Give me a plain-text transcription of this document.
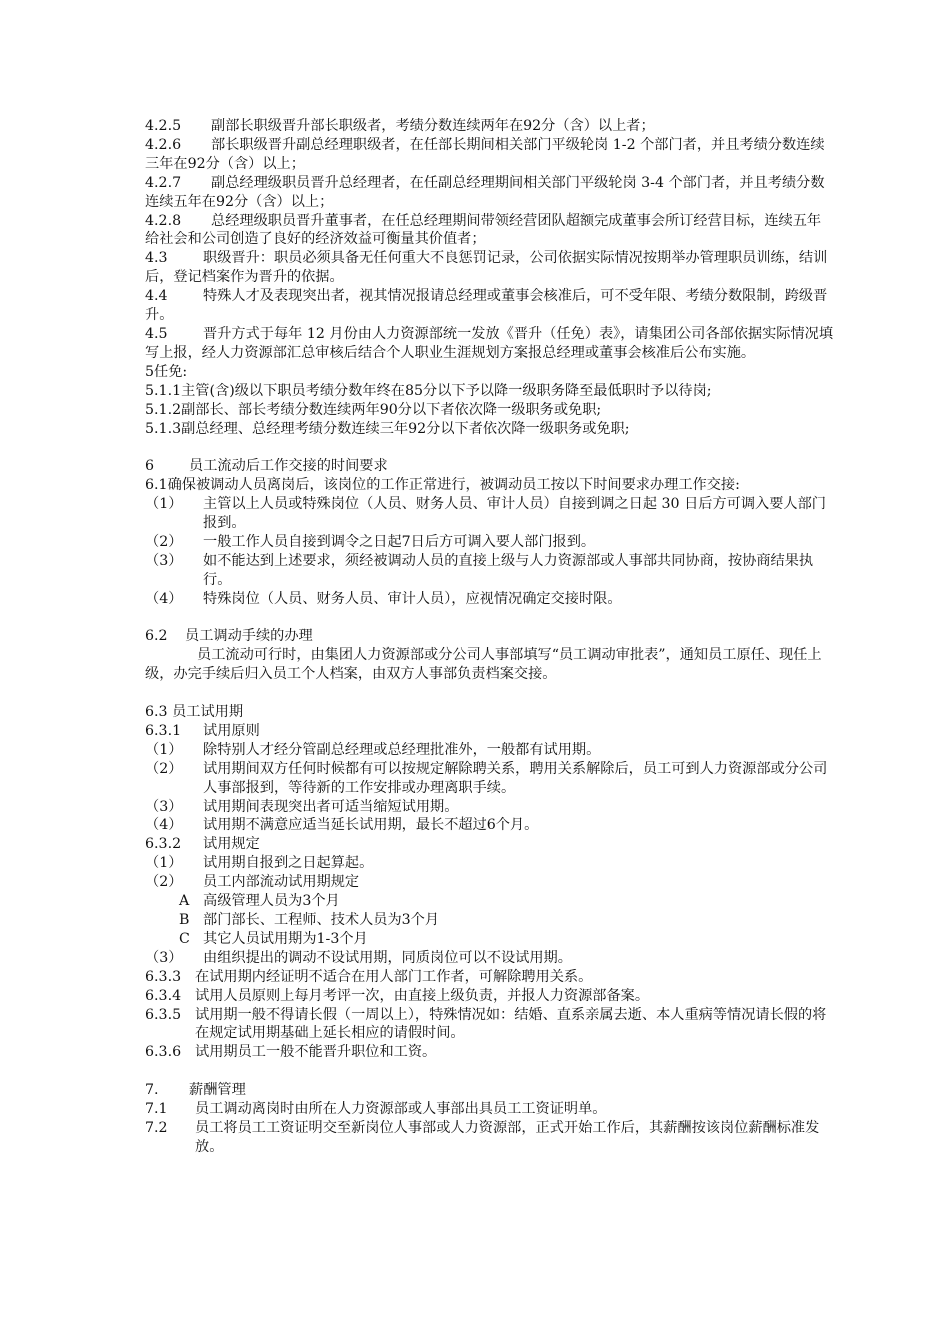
4.2.5 副部长职级晋升部长职级者，考绩分数连续两年在92分（含）以上者；

4.2.6 部长职级晋升副总经理职级者，在任部长期间相关部门平级轮岗 1-2 个部门者，并且考绩分数连续三年在92分（含）以上；

4.2.7 副总经理级职员晋升总经理者，在任副总经理期间相关部门平级轮岗 3-4 个部门者，并且考绩分数连续五年在92分（含）以上；

4.2.8 总经理级职员晋升董事者，在任总经理期间带领经营团队超额完成董事会所订经营目标，连续五年给社会和公司创造了良好的经济效益可衡量其价值者；

4.3 职级晋升：职员必须具备无任何重大不良惩罚记录，公司依据实际情况按期举办管理职员训练，结训后，登记档案作为晋升的依据。

4.4 特殊人才及表现突出者，视其情况报请总经理或董事会核准后，可不受年限、考绩分数限制，跨级晋升。

4.5 晋升方式于每年 12 月份由人力资源部统一发放《晋升（任免）表》，请集团公司各部依据实际情况填写上报，经人力资源部汇总审核后结合个人职业生涯规划方案报总经理或董事会核准后公布实施。

5任免:

5.1.1主管(含)级以下职员考绩分数年终在85分以下予以降一级职务降至最低职时予以待岗;

5.1.2副部长、部长考绩分数连续两年90分以下者依次降一级职务或免职;

5.1.3副总经理、总经理考绩分数连续三年92分以下者依次降一级职务或免职;

6	员工流动后工作交接的时间要求

6.1确保被调动人员离岗后，该岗位的工作正常进行，被调动员工按以下时间要求办理工作交接:

（1）	主管以上人员或特殊岗位（人员、财务人员、审计人员）自接到调之日起 30 日后方可调入要人部门报到。
（2）	一般工作人员自接到调令之日起7日后方可调入要人部门报到。
（3）	如不能达到上述要求，须经被调动人员的直接上级与人力资源部或人事部共同协商，按协商结果执行。
（4）	特殊岗位（人员、财务人员、审计人员），应视情况确定交接时限。
6.2	员工调动手续的办理

员工流动可行时，由集团人力资源部或分公司人事部填写“员工调动审批表”，通知员工原任、现任上级，办完手续后归入员工个人档案，由双方人事部负责档案交接。

6.3 员工试用期

6.3.1	试用原则
（1）	除特别人才经分管副总经理或总经理批准外，一般都有试用期。
（2）	试用期间双方任何时候都有可以按规定解除聘关系，聘用关系解除后，员工可到人力资源部或分公司人事部报到，等待新的工作安排或办理离职手续。
（3）	试用期间表现突出者可适当缩短试用期。
（4）	试用期不满意应适当延长试用期，最长不超过6个月。
6.3.2	试用规定
（1）	试用期自报到之日起算起。
（2）	员工内部流动试用期规定
A 高级管理人员为3个月
B 部门部长、工程师、技术人员为3个月
C 其它人员试用期为1-3个月
（3）	由组织提出的调动不设试用期，同质岗位可以不设试用期。
6.3.3 在试用期内经证明不适合在用人部门工作者，可解除聘用关系。
6.3.4 试用人员原则上每月考评一次，由直接上级负责，并报人力资源部备案。
6.3.5 试用期一般不得请长假（一周以上），特殊情况如：结婚、直系亲属去逝、本人重病等情况请长假的将在规定试用期基础上延长相应的请假时间。
6.3.6 试用期员工一般不能晋升职位和工资。
7.	薪酬管理
7.1	员工调动离岗时由所在人力资源部或人事部出具员工工资证明单。
7.2	员工将员工工资证明交至新岗位人事部或人力资源部，正式开始工作后，其薪酬按该岗位薪酬标准发放。
